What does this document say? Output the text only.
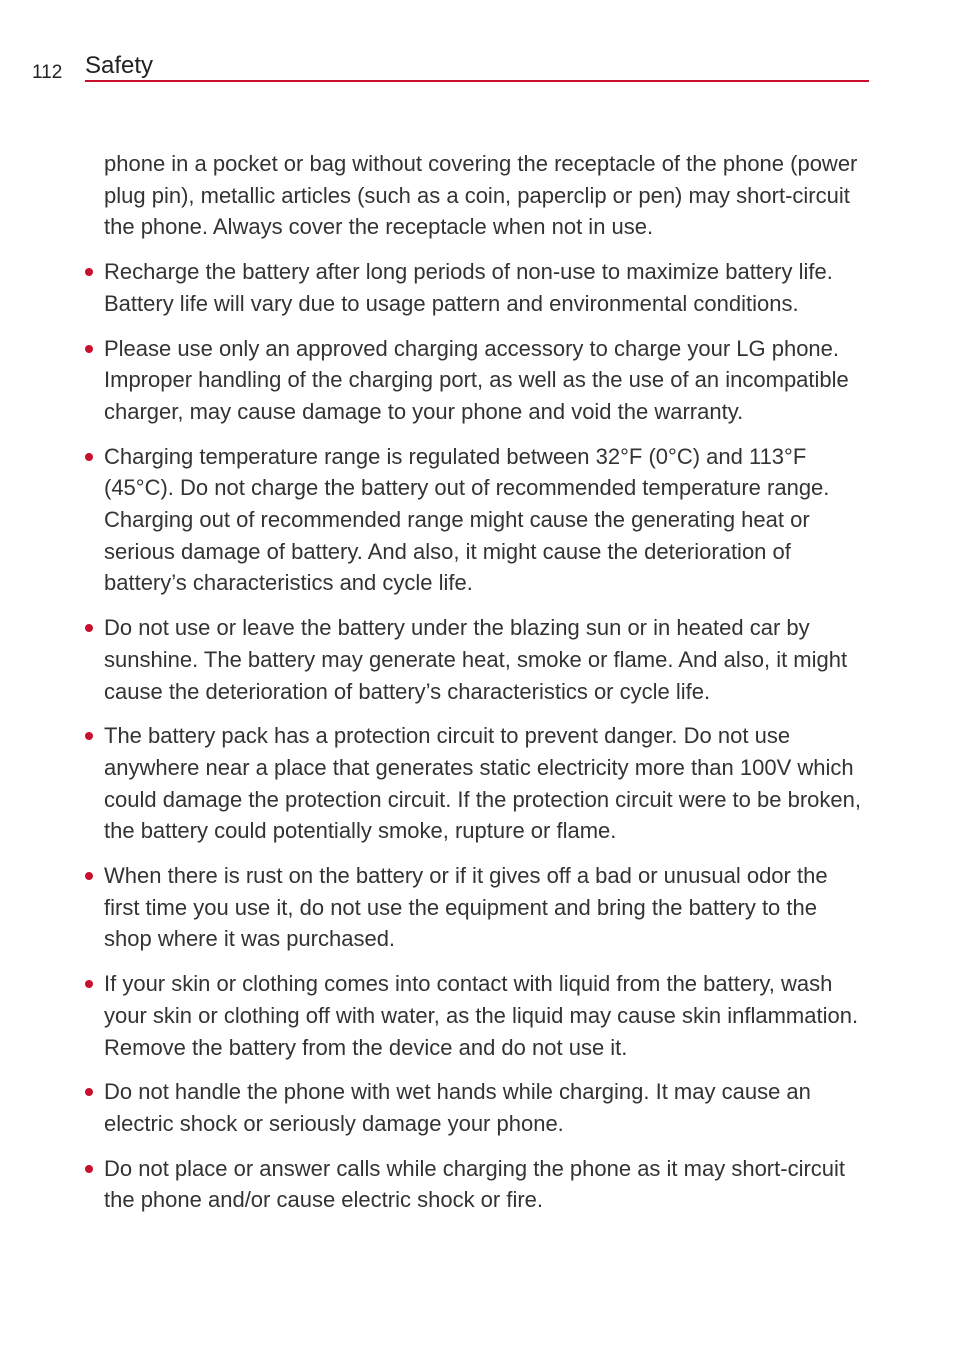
112 Safety

phone in a pocket or bag without covering the receptacle of the phone (power plug pin), metallic articles (such as a coin, paperclip or pen) may short-circuit the phone. Always cover the receptacle when not in use.

Recharge the battery after long periods of non-use to maximize battery life. Battery life will vary due to usage pattern and environmental conditions.
Please use only an approved charging accessory to charge your LG phone. Improper handling of the charging port, as well as the use of an incompatible charger, may cause damage to your phone and void the warranty.
Charging temperature range is regulated between 32°F (0°C) and 113°F (45°C). Do not charge the battery out of recommended temperature range. Charging out of recommended range might cause the generating heat or serious damage of battery. And also, it might cause the deterioration of battery’s characteristics and cycle life.
Do not use or leave the battery under the blazing sun or in heated car by sunshine. The battery may generate heat, smoke or flame. And also, it might cause the deterioration of battery’s characteristics or cycle life.
The battery pack has a protection circuit to prevent danger. Do not use anywhere near a place that generates static electricity more than 100V which could damage the protection circuit. If the protection circuit were to be broken, the battery could potentially smoke, rupture or flame.
When there is rust on the battery or if it gives off a bad or unusual odor the first time you use it, do not use the equipment and bring the battery to the shop where it was purchased.
If your skin or clothing comes into contact with liquid from the battery, wash your skin or clothing off with water, as the liquid may cause skin inflammation. Remove the battery from the device and do not use it.
Do not handle the phone with wet hands while charging. It may cause an electric shock or seriously damage your phone.
Do not place or answer calls while charging the phone as it may short-circuit the phone and/or cause electric shock or fire.
